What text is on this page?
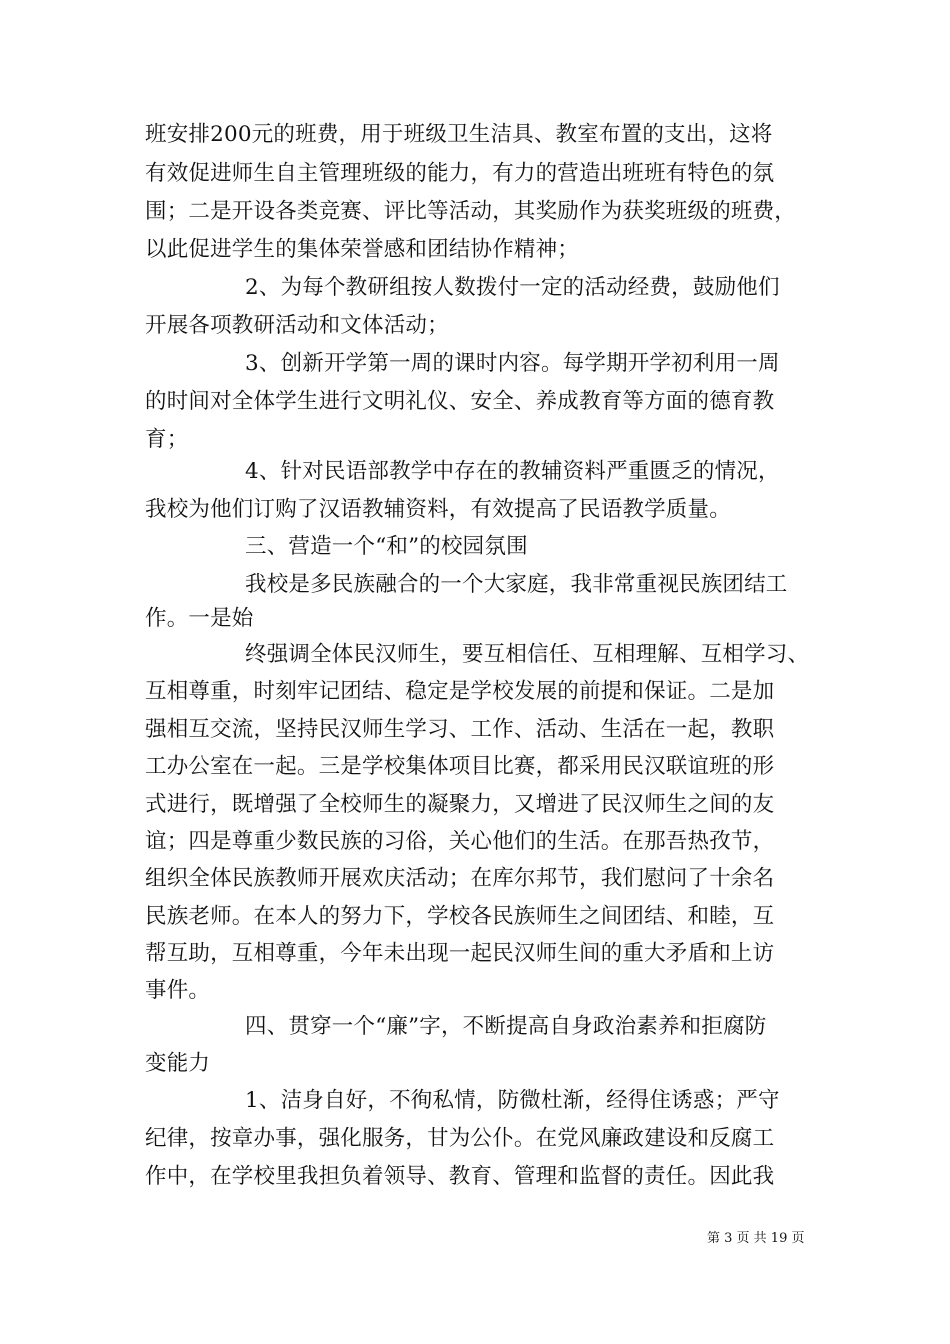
班安排200元的班费，用于班级卫生洁具、教室布置的支出，这将
有效促进师生自主管理班级的能力，有力的营造出班班有特色的氛
围；二是开设各类竞赛、评比等活动，其奖励作为获奖班级的班费，
以此促进学生的集体荣誉感和团结协作精神；
2、为每个教研组按人数拨付一定的活动经费，鼓励他们
开展各项教研活动和文体活动；
3、创新开学第一周的课时内容。每学期开学初利用一周
的时间对全体学生进行文明礼仪、安全、养成教育等方面的德育教
育；
4、针对民语部教学中存在的教辅资料严重匮乏的情况，
我校为他们订购了汉语教辅资料，有效提高了民语教学质量。
三、营造一个“和”的校园氛围
我校是多民族融合的一个大家庭，我非常重视民族团结工
作。一是始
终强调全体民汉师生，要互相信任、互相理解、互相学习、
互相尊重，时刻牢记团结、稳定是学校发展的前提和保证。二是加
强相互交流，坚持民汉师生学习、工作、活动、生活在一起，教职
工办公室在一起。三是学校集体项目比赛，都采用民汉联谊班的形
式进行，既增强了全校师生的凝聚力，又增进了民汉师生之间的友
谊；四是尊重少数民族的习俗，关心他们的生活。在那吾热孜节，
组织全体民族教师开展欢庆活动；在库尔邦节，我们慰问了十余名
民族老师。在本人的努力下，学校各民族师生之间团结、和睦，互
帮互助，互相尊重，今年未出现一起民汉师生间的重大矛盾和上访
事件。
四、贯穿一个“廉”字，不断提高自身政治素养和拒腐防
变能力
1、洁身自好，不徇私情，防微杜渐，经得住诱惑；严守
纪律，按章办事，强化服务，甘为公仆。在党风廉政建设和反腐工
作中，在学校里我担负着领导、教育、管理和监督的责任。因此我
第 3 页 共 19 页
